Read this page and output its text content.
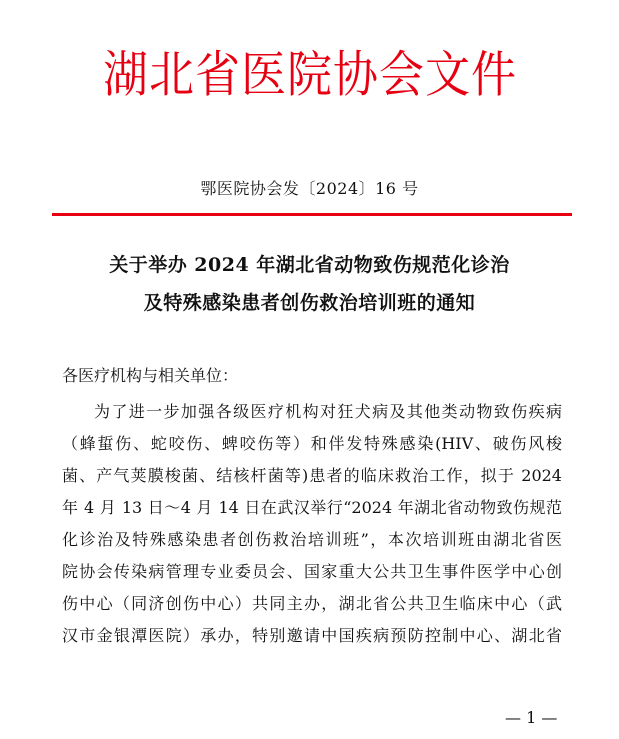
湖北省医院协会文件
鄂医院协会发〔2024〕16 号
关于举办 2024 年湖北省动物致伤规范化诊治
及特殊感染患者创伤救治培训班的通知
各医疗机构与相关单位：
为了进一步加强各级医疗机构对狂犬病及其他类动物致伤疾病
（蜂蜇伤、蛇咬伤、蜱咬伤等）和伴发特殊感染(HIV、破伤风梭
菌、产气荚膜梭菌、结核杆菌等)患者的临床救治工作，拟于 2024
年 4 月 13 日～4 月 14 日在武汉举行“2024 年湖北省动物致伤规范
化诊治及特殊感染患者创伤救治培训班”，本次培训班由湖北省医
院协会传染病管理专业委员会、国家重大公共卫生事件医学中心创
伤中心（同济创伤中心）共同主办，湖北省公共卫生临床中心（武
汉市金银潭医院）承办，特别邀请中国疾病预防控制中心、湖北省
— 1 —
